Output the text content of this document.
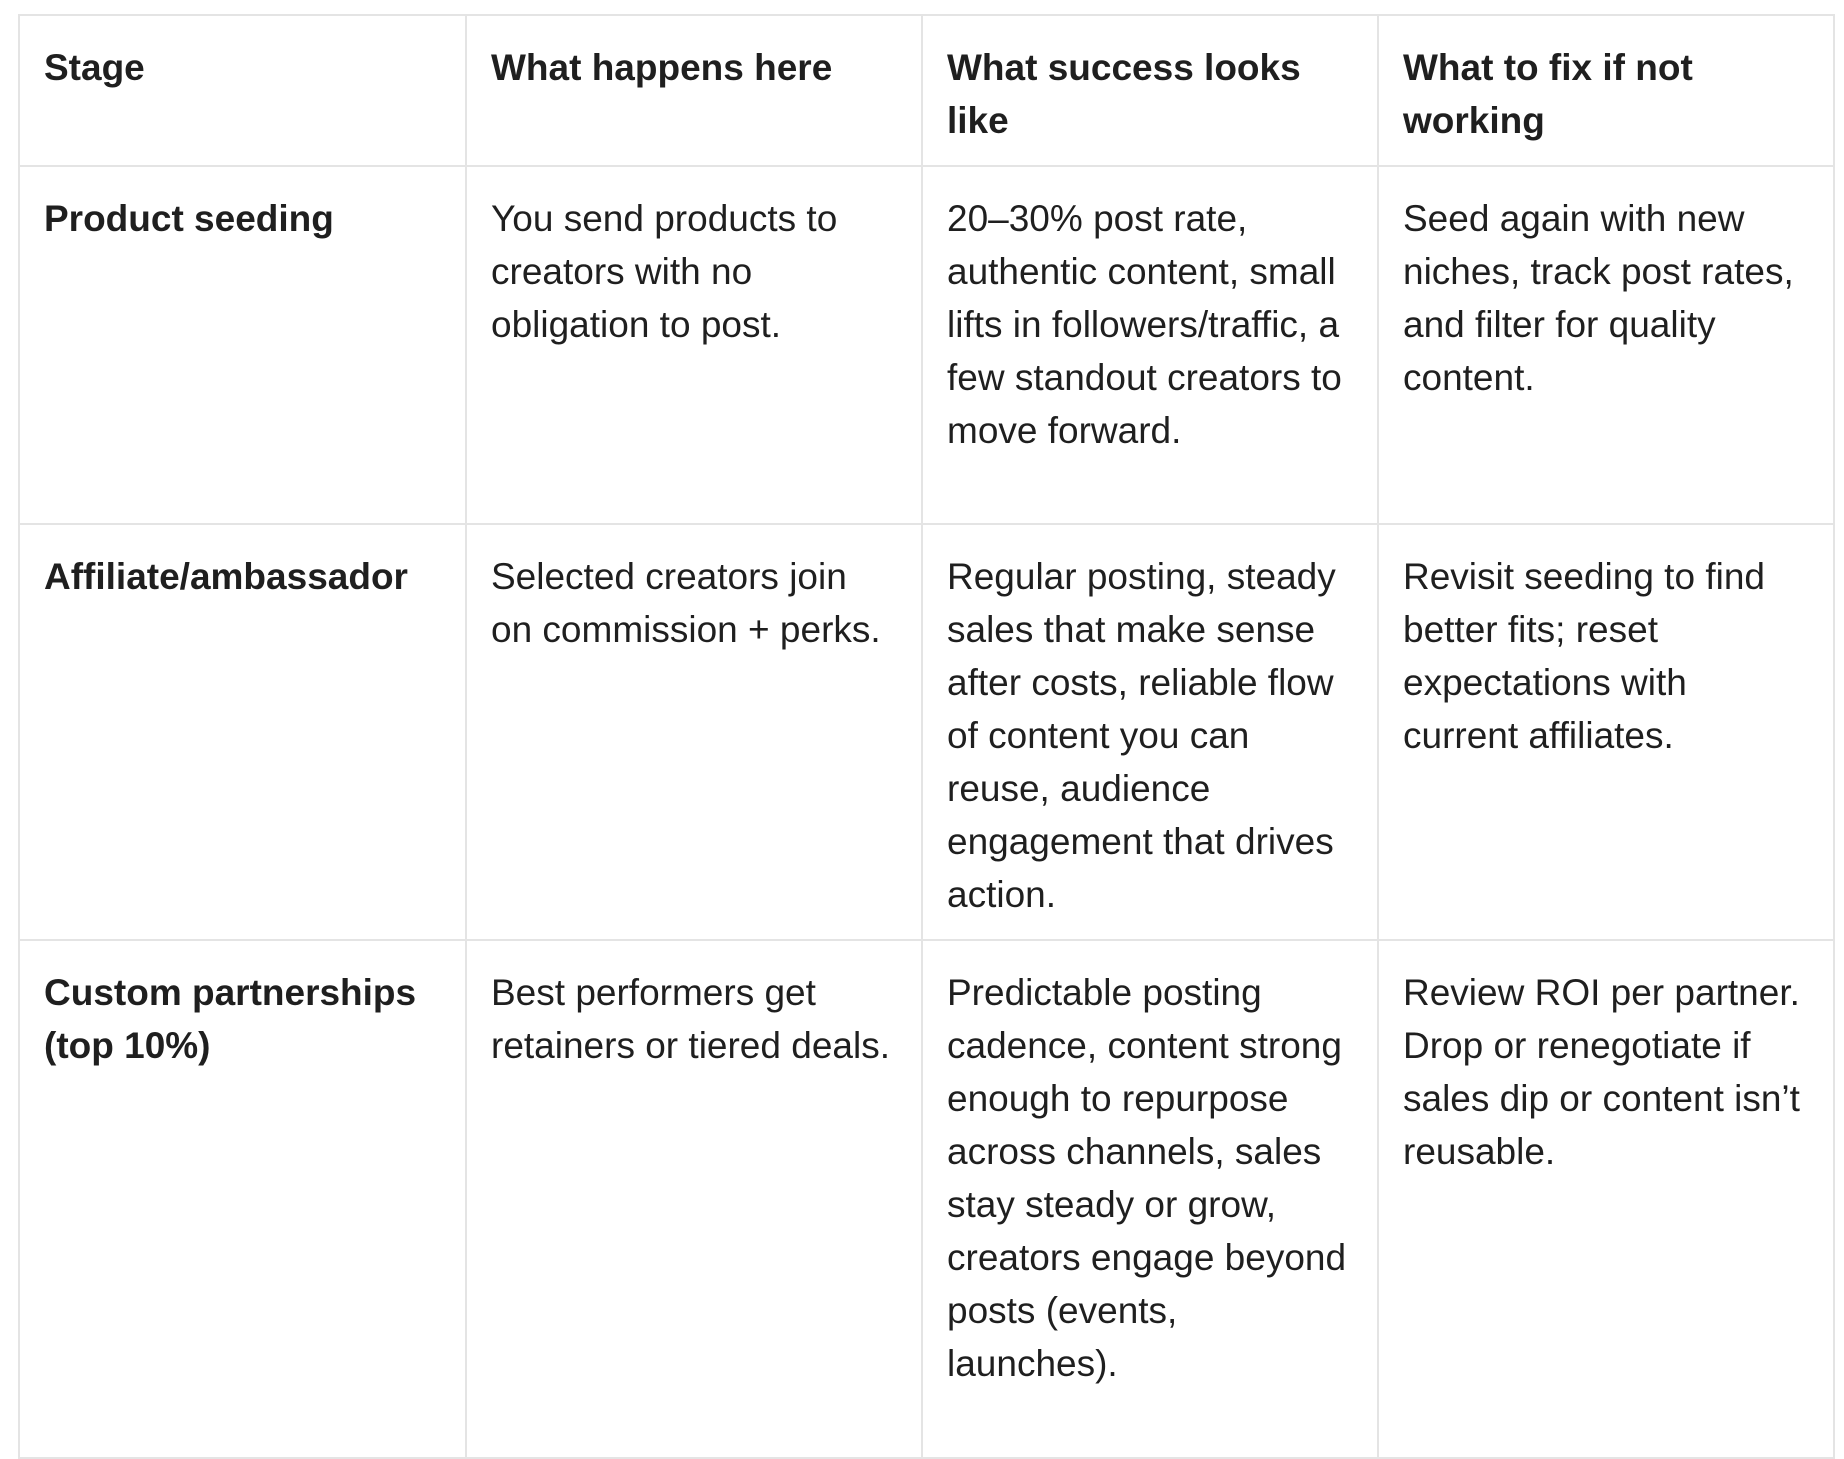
Stage	What happens here	What success looks like	What to fix if not working
Product seeding	You send products to creators with no obligation to post.	20–30% post rate, authentic content, small lifts in followers/traffic, a few standout creators to move forward.	Seed again with new niches, track post rates, and filter for quality content.
Affiliate/ambassador	Selected creators join on commission + perks.	Regular posting, steady sales that make sense after costs, reliable flow of content you can reuse, audience engagement that drives action.	Revisit seeding to find better fits; reset expectations with current affiliates.
Custom partnerships (top 10%)	Best performers get retainers or tiered deals.	Predictable posting cadence, content strong enough to repurpose across channels, sales stay steady or grow, creators engage beyond posts (events, launches).	Review ROI per partner. Drop or renegotiate if sales dip or content isn’t reusable.
